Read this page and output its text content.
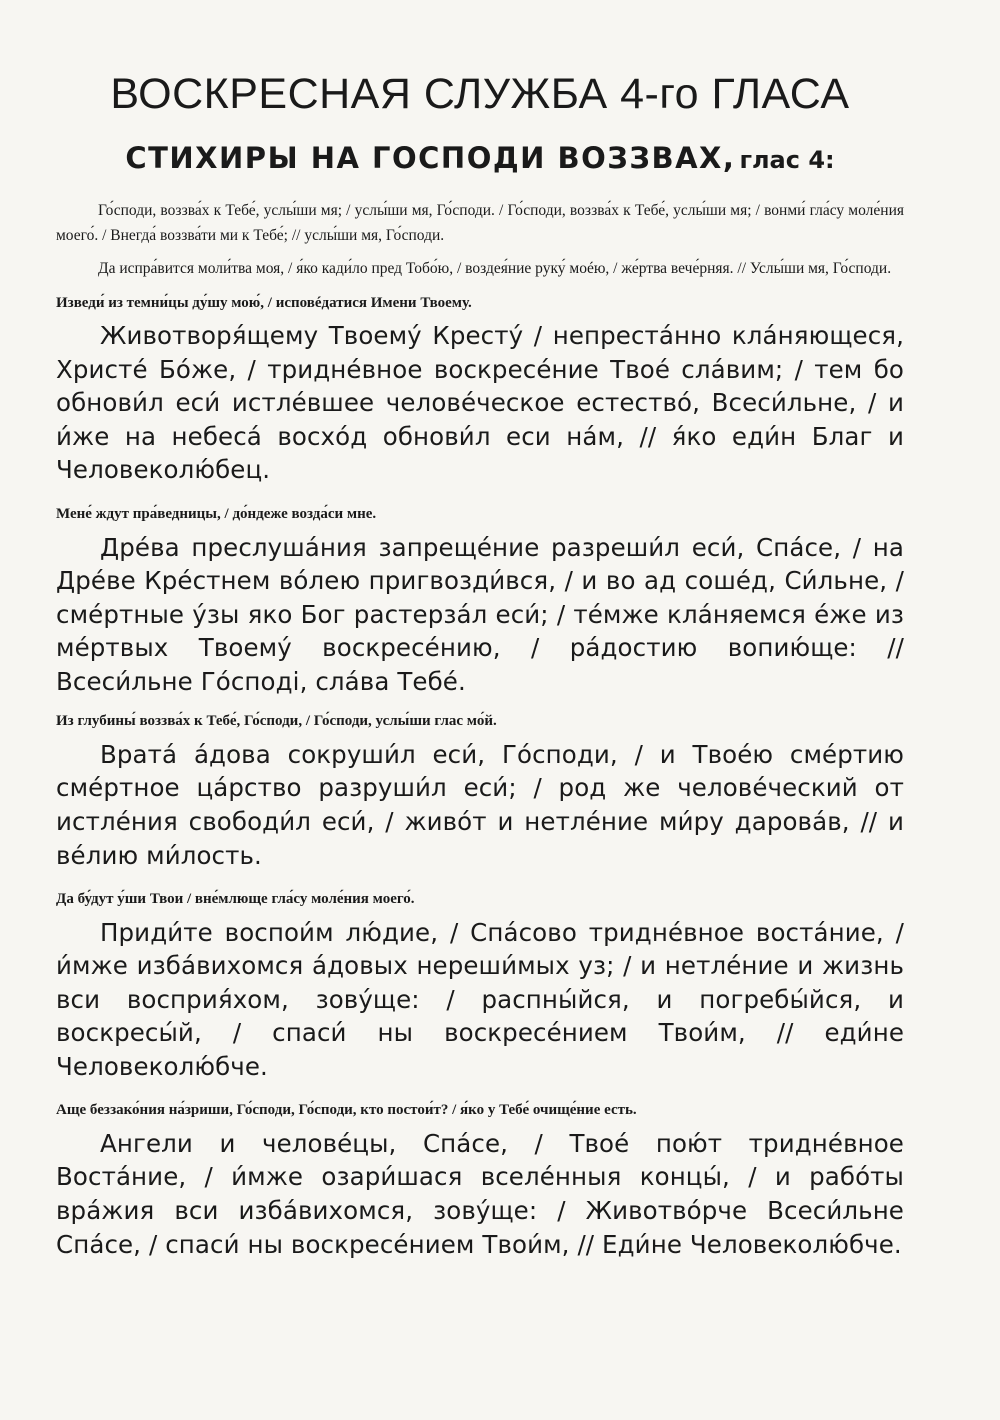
ВОСКРЕСНАЯ СЛУЖБА 4-го ГЛАСА
СТИХИРЫ НА ГОСПОДИ ВОЗЗВАХ, глас 4:

Го́споди, воззва́х к Тебе́, услы́ши мя; / услы́ши мя, Го́споди. / Го́споди, воззва́х к Тебе́, услы́ши мя; / вонми́ гла́су моле́ния моего́. / Внегда́ воззва́ти ми к Тебе́; // услы́ши мя, Го́споди.

Да испра́вится моли́тва моя, / я́ко кади́ло пред Тобо́ю, / воздея́ние руку́ моéю, / же́ртва вече́рняя. // Услы́ши мя, Го́споди.

Изведи́ из темни́цы ду́шу мою́, / исповéдатися Имени Твоему.

Животворя́щему Твоему́ Кресту́ / непреста́нно кла́няющеся, Христе́ Бо́же, / тридне́вное воскресе́ние Твое́ сла́вим; / тем бо обнови́л еси́ истле́вшее челове́ческое естество́, Всеси́льне, / и и́же на небеса́ восхо́д обнови́л еси на́м, // я́ко еди́н Благ и Человеколю́бец.

Мене́ ждут пра́ведницы, / до́ндеже возда́си мне.

Дре́ва преслуша́ния запреще́ние разреши́л еси́, Спа́се, / на Дре́ве Кре́стнем во́лею пригвозди́вся, / и во ад соше́д, Си́льне, / сме́ртные у́зы яко Бог растерза́л еси́; / те́мже кла́няемся е́же из ме́ртвых Твоему́ воскресе́нию, / ра́достию вопию́ще: // Всеси́льне Го́сподi, сла́ва Тебе́.

Из глубины́ воззва́х к Тебе́, Го́споди, / Го́споди, услы́ши глас мо́й.

Врата́ а́дова сокруши́л еси́, Го́споди, / и Твое́ю сме́ртию сме́ртное ца́рство разруши́л еси́; / род же челове́ческий от истле́ния свободи́л еси́, / живо́т и нетле́ние ми́ру дарова́в, // и ве́лию ми́лость.

Да бу́дут у́ши Твои / вне́млюще гла́су моле́ния моего́.

Приди́те воспои́м лю́дие, / Спа́сово тридне́вное воста́ние, / и́мже изба́вихомся а́довых нереши́мых уз; / и нетле́ние и жизнь вси восприя́хом, зову́ще: / распны́йся, и погребы́йся, и воскресы́й, / спаси́ ны воскресе́нием Твои́м, // еди́не Человеколю́бче.

Аще беззако́ния на́зриши, Го́споди, Го́споди, кто постои́т? / я́ко у Тебе́ очище́ние есть.

Ангели и челове́цы, Спа́се, / Твое́ пою́т тридне́вное Воста́ние, / и́мже озари́шася вселе́нныя концы́, / и рабо́ты вра́жия вси изба́вихомся, зову́ще: / Животво́рче Всеси́льне Спа́се, / спаси́ ны воскресе́нием Твои́м, // Еди́не Человеколю́бче.
